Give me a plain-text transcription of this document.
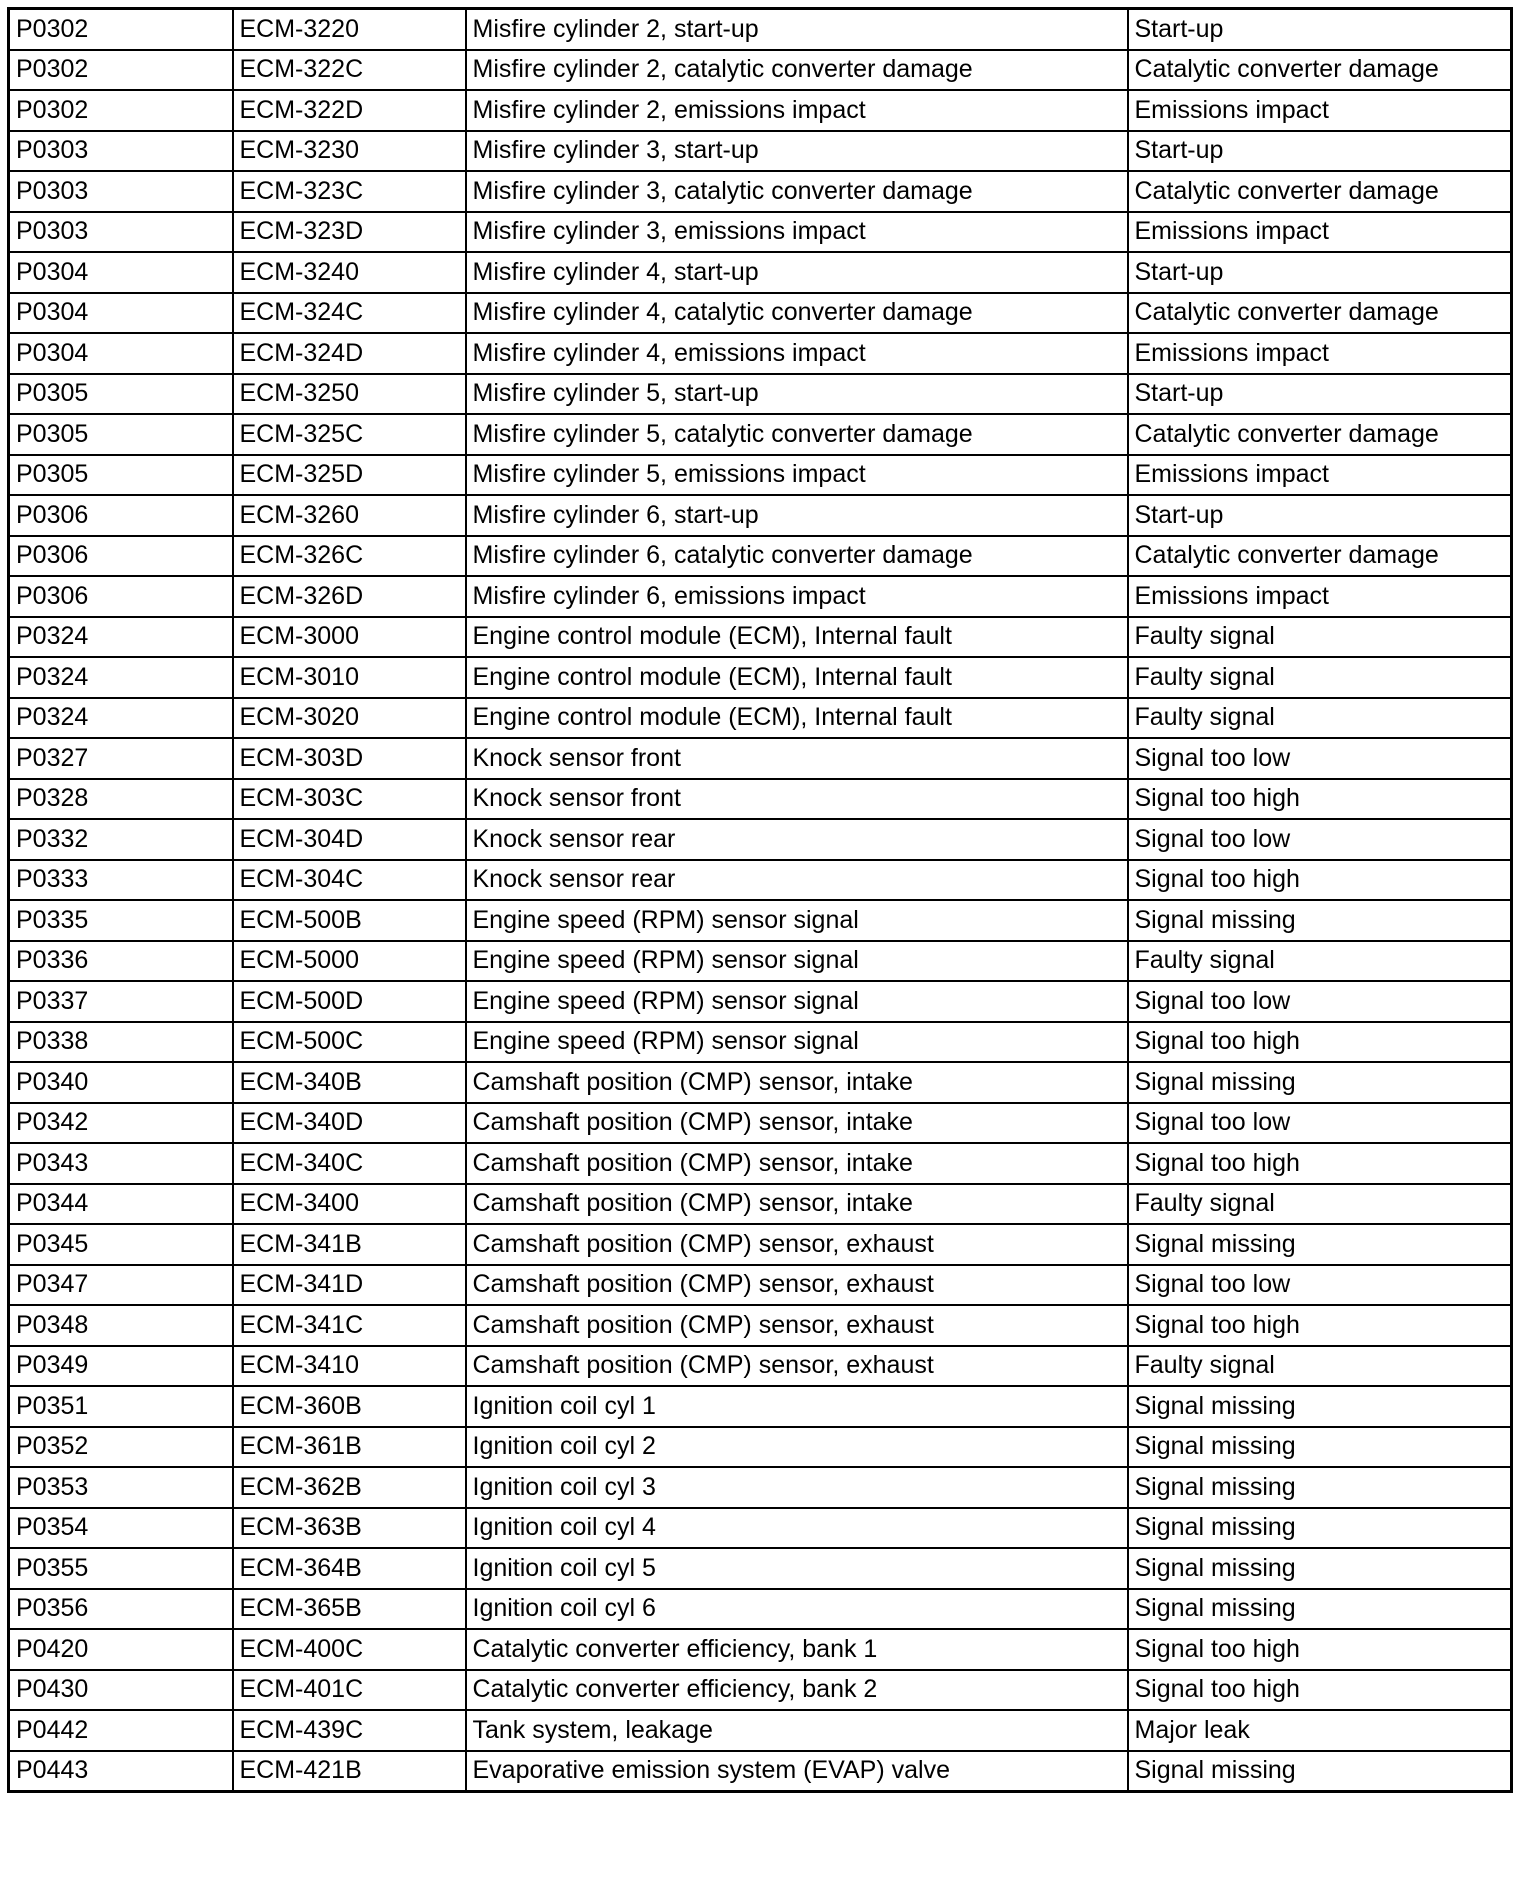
P0302	ECM-3220	Misfire cylinder 2, start-up	Start-up
P0302	ECM-322C	Misfire cylinder 2, catalytic converter damage	Catalytic converter damage
P0302	ECM-322D	Misfire cylinder 2, emissions impact	Emissions impact
P0303	ECM-3230	Misfire cylinder 3, start-up	Start-up
P0303	ECM-323C	Misfire cylinder 3, catalytic converter damage	Catalytic converter damage
P0303	ECM-323D	Misfire cylinder 3, emissions impact	Emissions impact
P0304	ECM-3240	Misfire cylinder 4, start-up	Start-up
P0304	ECM-324C	Misfire cylinder 4, catalytic converter damage	Catalytic converter damage
P0304	ECM-324D	Misfire cylinder 4, emissions impact	Emissions impact
P0305	ECM-3250	Misfire cylinder 5, start-up	Start-up
P0305	ECM-325C	Misfire cylinder 5, catalytic converter damage	Catalytic converter damage
P0305	ECM-325D	Misfire cylinder 5, emissions impact	Emissions impact
P0306	ECM-3260	Misfire cylinder 6, start-up	Start-up
P0306	ECM-326C	Misfire cylinder 6, catalytic converter damage	Catalytic converter damage
P0306	ECM-326D	Misfire cylinder 6, emissions impact	Emissions impact
P0324	ECM-3000	Engine control module (ECM), Internal fault	Faulty signal
P0324	ECM-3010	Engine control module (ECM), Internal fault	Faulty signal
P0324	ECM-3020	Engine control module (ECM), Internal fault	Faulty signal
P0327	ECM-303D	Knock sensor front	Signal too low
P0328	ECM-303C	Knock sensor front	Signal too high
P0332	ECM-304D	Knock sensor rear	Signal too low
P0333	ECM-304C	Knock sensor rear	Signal too high
P0335	ECM-500B	Engine speed (RPM) sensor signal	Signal missing
P0336	ECM-5000	Engine speed (RPM) sensor signal	Faulty signal
P0337	ECM-500D	Engine speed (RPM) sensor signal	Signal too low
P0338	ECM-500C	Engine speed (RPM) sensor signal	Signal too high
P0340	ECM-340B	Camshaft position (CMP) sensor, intake	Signal missing
P0342	ECM-340D	Camshaft position (CMP) sensor, intake	Signal too low
P0343	ECM-340C	Camshaft position (CMP) sensor, intake	Signal too high
P0344	ECM-3400	Camshaft position (CMP) sensor, intake	Faulty signal
P0345	ECM-341B	Camshaft position (CMP) sensor, exhaust	Signal missing
P0347	ECM-341D	Camshaft position (CMP) sensor, exhaust	Signal too low
P0348	ECM-341C	Camshaft position (CMP) sensor, exhaust	Signal too high
P0349	ECM-3410	Camshaft position (CMP) sensor, exhaust	Faulty signal
P0351	ECM-360B	Ignition coil cyl 1	Signal missing
P0352	ECM-361B	Ignition coil cyl 2	Signal missing
P0353	ECM-362B	Ignition coil cyl 3	Signal missing
P0354	ECM-363B	Ignition coil cyl 4	Signal missing
P0355	ECM-364B	Ignition coil cyl 5	Signal missing
P0356	ECM-365B	Ignition coil cyl 6	Signal missing
P0420	ECM-400C	Catalytic converter efficiency, bank 1	Signal too high
P0430	ECM-401C	Catalytic converter efficiency, bank 2	Signal too high
P0442	ECM-439C	Tank system, leakage	Major leak
P0443	ECM-421B	Evaporative emission system (EVAP) valve	Signal missing
